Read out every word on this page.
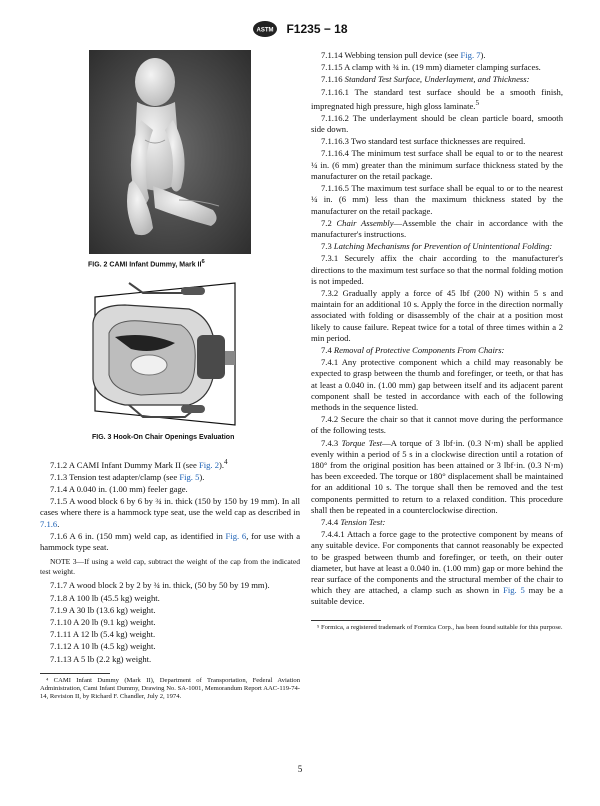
ASTM F1235 − 18
FIG. 2 CAMI Infant Dummy, Mark $II^6$
FIG. 3 Hook-On Chair Openings Evaluation

7.1.2 A CAMI Infant Dummy Mark II (see Fig. 2).$^4$

7.1.3 Tension test adapter/clamp (see Fig. 5).

7.1.4 A 0.040 in. (1.00 mm) feeler gage.

7.1.5 A wood block 6 by 6 by ¾ in. thick (150 by 150 by 19 mm). In all cases where there is a hammock type seat, use the weld cap as described in 7.1.6.

7.1.6 A 6 in. (150 mm) weld cap, as identified in Fig. 6, for use with a hammock type seat.

NOTE 3—If using a weld cap, subtract the weight of the cap from the indicated test weight.

7.1.7 A wood block 2 by 2 by ¾ in. thick, (50 by 50 by 19 mm).

7.1.8 A 100 lb (45.5 kg) weight.

7.1.9 A 30 lb (13.6 kg) weight.

7.1.10 A 20 lb (9.1 kg) weight.

7.1.11 A 12 lb (5.4 kg) weight.

7.1.12 A 10 lb (4.5 kg) weight.

7.1.13 A 5 lb (2.2 kg) weight.

⁴ CAMI Infant Dummy (Mark II), Department of Transportation, Federal Aviation Administration, Cami Infant Dummy, Drawing No. SA-1001, Memorandum Report AAC-119-74-14, Revision II, by Richard F. Chandler, July 2, 1974.

7.1.14 Webbing tension pull device (see Fig. 7).

7.1.15 A clamp with ¾ in. (19 mm) diameter clamping surfaces.

7.1.16 Standard Test Surface, Underlayment, and Thickness:

7.1.16.1 The standard test surface should be a smooth finish, impregnated high pressure, high gloss laminate.$^5$

7.1.16.2 The underlayment should be clean particle board, smooth side down.

7.1.16.3 Two standard test surface thicknesses are required.

7.1.16.4 The minimum test surface shall be equal to or to the nearest ¼ in. (6 mm) greater than the minimum surface thickness stated by the manufacturer on the retail package.

7.1.16.5 The maximum test surface shall be equal to or to the nearest ¼ in. (6 mm) less than the maximum thickness stated by the manufacturer on the retail package.

7.2 Chair Assembly—Assemble the chair in accordance with the manufacturer's instructions.

7.3 Latching Mechanisms for Prevention of Unintentional Folding:

7.3.1 Securely affix the chair according to the manufacturer's directions to the maximum test surface so that the normal folding motion is not impeded.

7.3.2 Gradually apply a force of 45 lbf (200 N) within 5 s and maintain for an additional 10 s. Apply the force in the direction normally associated with folding or disassembly of the chair at a position most likely to cause failure. Repeat twice for a total of three times within a 2 min period.

7.4 Removal of Protective Components From Chairs:

7.4.1 Any protective component which a child may reasonably be expected to grasp between the thumb and forefinger, or teeth, or that has at least a 0.040 in. (1.00 mm) gap between itself and its adjacent parent component shall be tested in accordance with each of the following methods in the sequence listed.

7.4.2 Secure the chair so that it cannot move during the performance of the following tests.

7.4.3 Torque Test—A torque of 3 lbf·in. (0.3 N·m) shall be applied evenly within a period of 5 s in a clockwise direction until a rotation of 180° from the original position has been attained or 3 lbf·in. (0.3 N·m) has been exceeded. The torque or 180° displacement shall be maintained for an additional 10 s. The torque shall then be removed and the test components permitted to return to a relaxed condition. This procedure shall then be repeated in a counterclockwise direction.

7.4.4 Tension Test:

7.4.4.1 Attach a force gage to the protective component by means of any suitable device. For components that cannot reasonably be expected to be grasped between thumb and forefinger, or teeth, on their outer diameter, but have at least a 0.040 in. (1.00 mm) gap or more behind the rear surface of the components and the structural member of the chair to which they are attached, a clamp such as shown in Fig. 5 may be a suitable device.

⁵ Formica, a registered trademark of Formica Corp., has been found suitable for this purpose.

5
